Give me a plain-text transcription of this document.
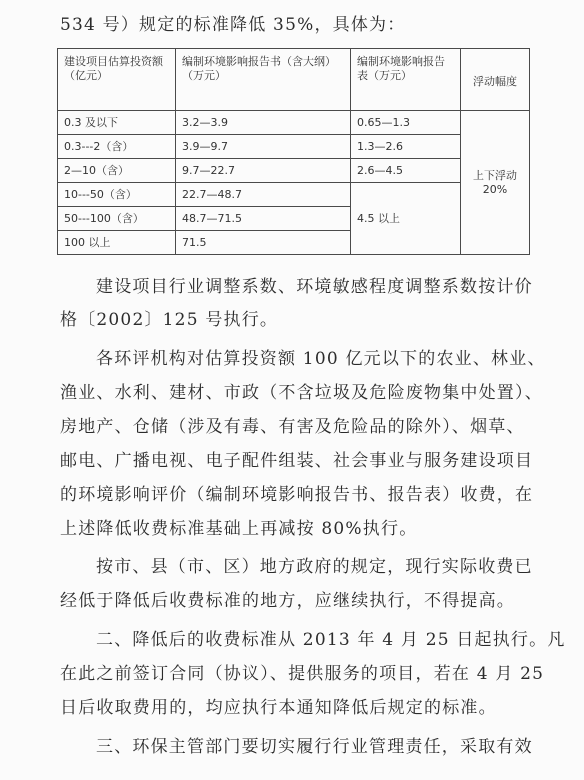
534 号）规定的标准降低 35%，具体为：
建设项目估算投资额（亿元）	编制环境影响报告书（含大纲）（万元）	编制环境影响报告表（万元）	浮动幅度
0.3 及以下	3.2—3.9	0.65—1.3	上下浮动 20%
0.3---2（含）	3.9—9.7	1.3—2.6	
2—10（含）	9.7—22.7	2.6—4.5	
10---50（含）	22.7—48.7	4.5 以上	
50---100（含）	48.7—71.5		
100 以上	71.5		
建设项目行业调整系数、环境敏感程度调整系数按计价
格〔2002〕125 号执行。
各环评机构对估算投资额 100 亿元以下的农业、林业、
渔业、水利、建材、市政（不含垃圾及危险废物集中处置）、
房地产、仓储（涉及有毒、有害及危险品的除外）、烟草、
邮电、广播电视、电子配件组装、社会事业与服务建设项目
的环境影响评价（编制环境影响报告书、报告表）收费，在
上述降低收费标准基础上再减按 80%执行。
按市、县（市、区）地方政府的规定，现行实际收费已
经低于降低后收费标准的地方，应继续执行，不得提高。
二、降低后的收费标准从 2013 年 4 月 25 日起执行。凡
在此之前签订合同（协议）、提供服务的项目，若在 4 月 25
日后收取费用的，均应执行本通知降低后规定的标准。
三、环保主管部门要切实履行行业管理责任，采取有效
